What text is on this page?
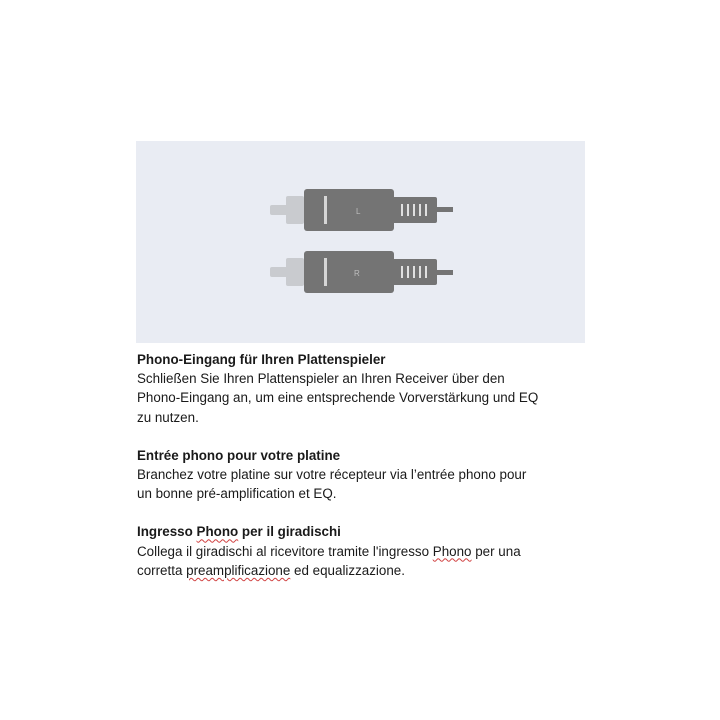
L
R
Phono-Eingang für Ihren Plattenspieler
Schließen Sie Ihren Plattenspieler an Ihren Receiver über den
Phono-Eingang an, um eine entsprechende Vorverstärkung und EQ
zu nutzen.
Entrée phono pour votre platine
Branchez votre platine sur votre récepteur via l’entrée phono pour
un bonne pré-amplification et EQ.
Ingresso Phono per il giradischi
Collega il giradischi al ricevitore tramite l'ingresso Phono per una
corretta preamplificazione ed equalizzazione.
